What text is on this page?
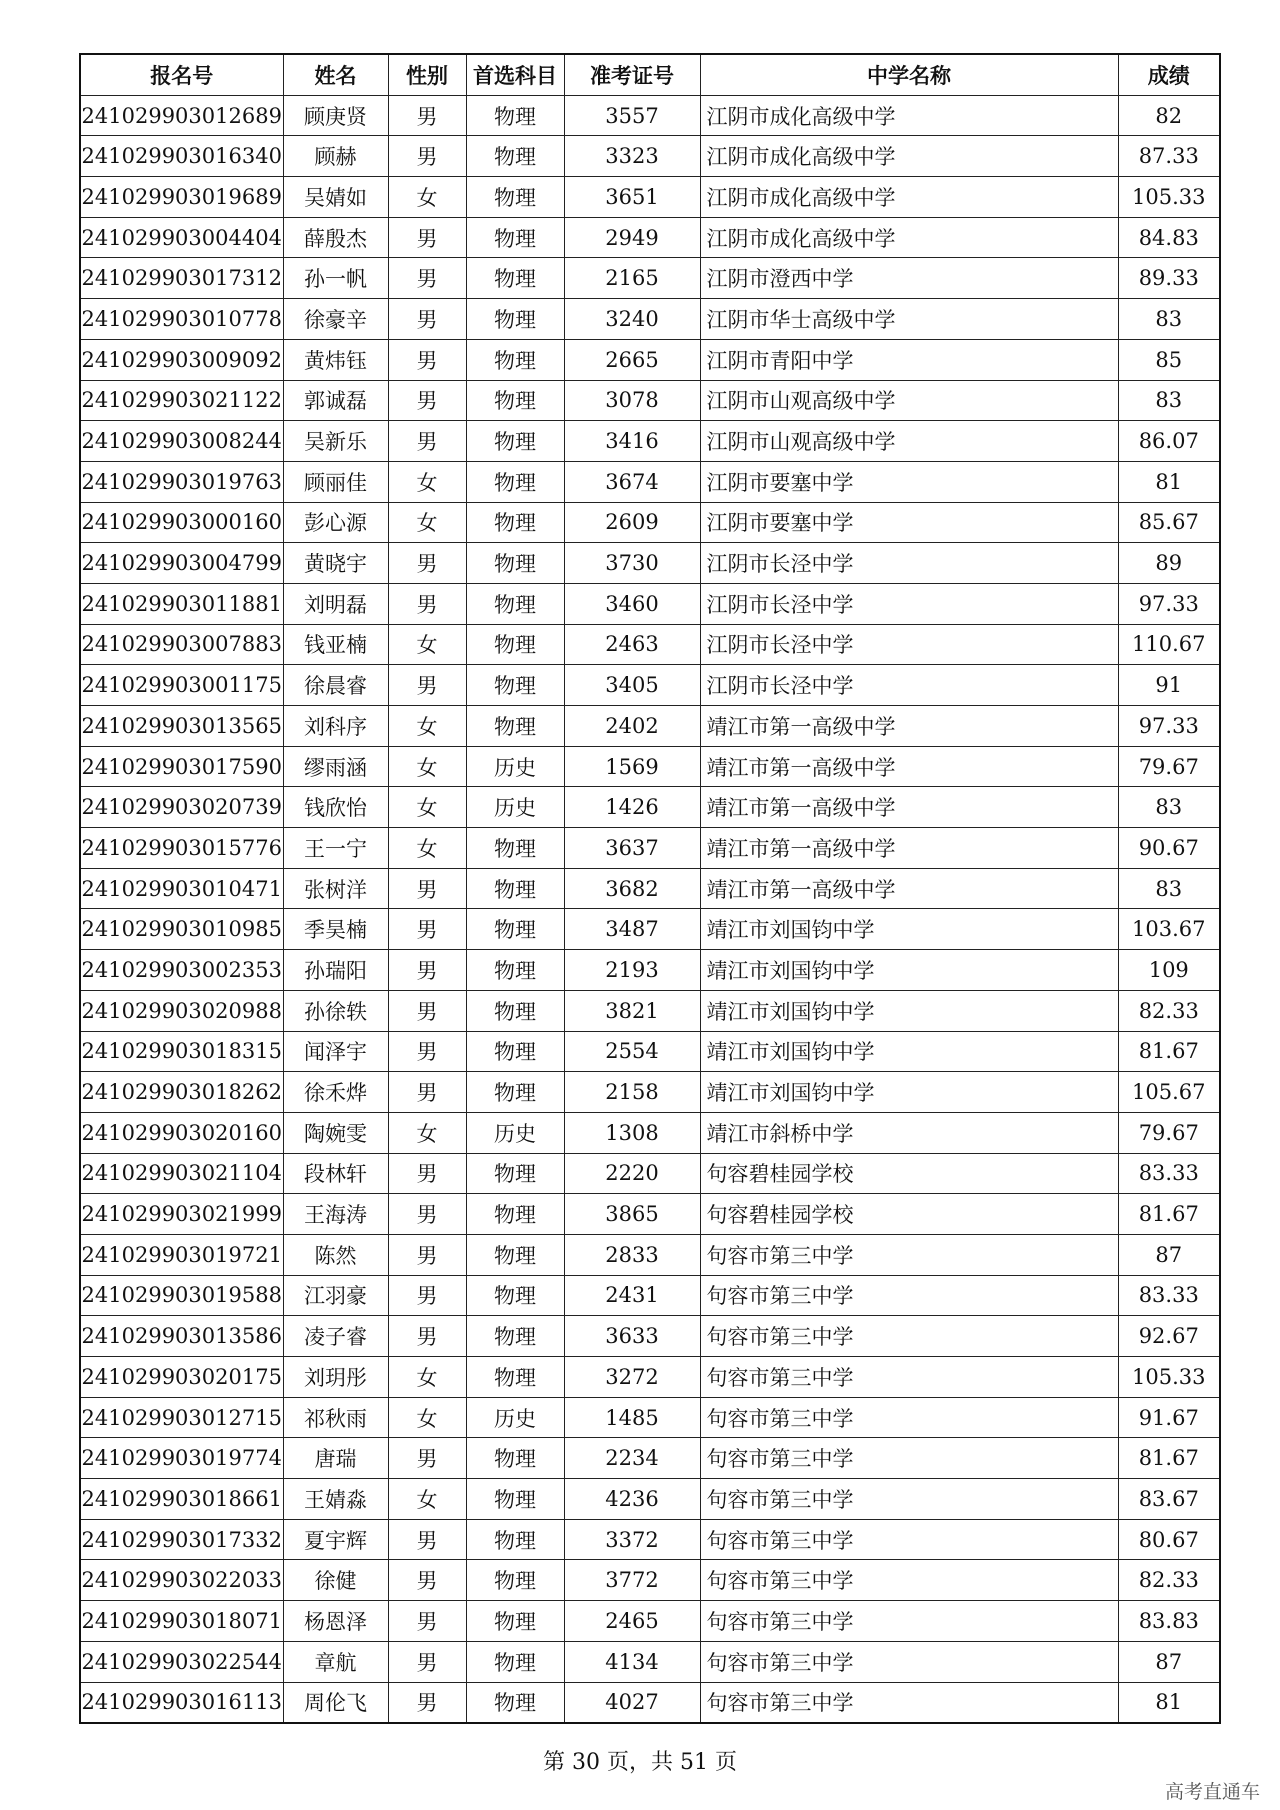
报名号	姓名	性别	首选科目	准考证号	中学名称	成绩
241029903012689	顾庚贤	男	物理	3557	江阴市成化高级中学	82
241029903016340	顾赫	男	物理	3323	江阴市成化高级中学	87.33
241029903019689	吴婧如	女	物理	3651	江阴市成化高级中学	105.33
241029903004404	薛殷杰	男	物理	2949	江阴市成化高级中学	84.83
241029903017312	孙一帆	男	物理	2165	江阴市澄西中学	89.33
241029903010778	徐豪辛	男	物理	3240	江阴市华士高级中学	83
241029903009092	黄炜钰	男	物理	2665	江阴市青阳中学	85
241029903021122	郭诚磊	男	物理	3078	江阴市山观高级中学	83
241029903008244	吴新乐	男	物理	3416	江阴市山观高级中学	86.07
241029903019763	顾丽佳	女	物理	3674	江阴市要塞中学	81
241029903000160	彭心源	女	物理	2609	江阴市要塞中学	85.67
241029903004799	黄晓宇	男	物理	3730	江阴市长泾中学	89
241029903011881	刘明磊	男	物理	3460	江阴市长泾中学	97.33
241029903007883	钱亚楠	女	物理	2463	江阴市长泾中学	110.67
241029903001175	徐晨睿	男	物理	3405	江阴市长泾中学	91
241029903013565	刘科序	女	物理	2402	靖江市第一高级中学	97.33
241029903017590	缪雨涵	女	历史	1569	靖江市第一高级中学	79.67
241029903020739	钱欣怡	女	历史	1426	靖江市第一高级中学	83
241029903015776	王一宁	女	物理	3637	靖江市第一高级中学	90.67
241029903010471	张树洋	男	物理	3682	靖江市第一高级中学	83
241029903010985	季昊楠	男	物理	3487	靖江市刘国钧中学	103.67
241029903002353	孙瑞阳	男	物理	2193	靖江市刘国钧中学	109
241029903020988	孙徐轶	男	物理	3821	靖江市刘国钧中学	82.33
241029903018315	闻泽宇	男	物理	2554	靖江市刘国钧中学	81.67
241029903018262	徐禾烨	男	物理	2158	靖江市刘国钧中学	105.67
241029903020160	陶婉雯	女	历史	1308	靖江市斜桥中学	79.67
241029903021104	段林轩	男	物理	2220	句容碧桂园学校	83.33
241029903021999	王海涛	男	物理	3865	句容碧桂园学校	81.67
241029903019721	陈然	男	物理	2833	句容市第三中学	87
241029903019588	江羽豪	男	物理	2431	句容市第三中学	83.33
241029903013586	凌子睿	男	物理	3633	句容市第三中学	92.67
241029903020175	刘玥彤	女	物理	3272	句容市第三中学	105.33
241029903012715	祁秋雨	女	历史	1485	句容市第三中学	91.67
241029903019774	唐瑞	男	物理	2234	句容市第三中学	81.67
241029903018661	王婧淼	女	物理	4236	句容市第三中学	83.67
241029903017332	夏宇辉	男	物理	3372	句容市第三中学	80.67
241029903022033	徐健	男	物理	3772	句容市第三中学	82.33
241029903018071	杨恩泽	男	物理	2465	句容市第三中学	83.83
241029903022544	章航	男	物理	4134	句容市第三中学	87
241029903016113	周伦飞	男	物理	4027	句容市第三中学	81
第 30 页，共 51 页
高考直通车
